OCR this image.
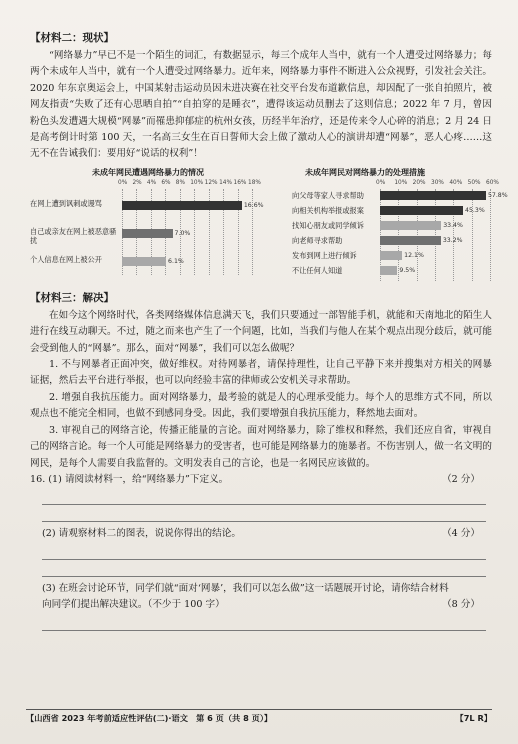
【材料二：现状】

“网络暴力”早已不是一个陌生的词汇，有数据显示，每三个成年人当中，就有一个人遭受过网络暴力；每两个未成年人当中，就有一个人遭受过网络暴力。近年来，网络暴力事件不断进入公众视野，引发社会关注。2020 年东京奥运会上，中国某射击运动员因未进决赛在社交平台发布道歉信息，却因配了一张自拍照片，被网友指责“失败了还有心思晒自拍”“自拍穿的是睡衣”，遭得该运动员删去了这则信息；2022 年 7 月，曾因粉色头发遭遇大规模“网暴”而罹患抑郁症的杭州女孩，历经半年治疗，还是传来令人心碎的消息；2 月 24 日是高考倒计时第 100 天，一名高三女生在百日誓师大会上做了激动人心的演讲却遭“网暴”，恶人心疼……这无不在告诫我们：要用好“说话的权利”！

未成年网民遭遇网络暴力的情况
0% 2% 4% 6% 8% 10% 12% 14% 16% 18%
16.6%
7.0%
6.1%
在网上遭到讽刺或谩骂
自己或亲友在网上被恶意骚扰
个人信息在网上被公开
未成年网民对网络暴力的处理措施
0% 10% 20% 30% 40% 50% 60%
57.8%
45.3%
33.4%
33.2%
12.1%
9.5%
向父母等家人寻求帮助
向相关机构举报或报案
找知心朋友或同学倾诉
向老师寻求帮助
发布到网上进行倾诉
不让任何人知道
【材料三：解决】

在如今这个网络时代，各类网络媒体信息满天飞，我们只要通过一部智能手机，就能和天南地北的陌生人进行在线互动聊天。不过，随之而来也产生了一个问题，比如，当我们与他人在某个观点出现分歧后，就可能会受到他人的“网暴”。那么，面对“网暴”，我们可以怎么做呢？

1. 不与网暴者正面冲突，做好维权。对待网暴者，请保持理性，让自己平静下来并搜集对方相关的网暴证据，然后去平台进行举报，也可以向经验丰富的律师或公安机关寻求帮助。

2. 增强自我抗压能力。面对网络暴力，最考验的就是人的心理承受能力。每个人的思维方式不同，所以观点也不能完全相同，也做不到感同身受。因此，我们要增强自我抗压能力，释然地去面对。

3. 审视自己的网络言论，传播正能量的言论。面对网络暴力，除了维权和释然，我们还应自省，审视自己的网络言论。每一个人可能是网络暴力的受害者，也可能是网络暴力的施暴者。不伤害别人，做一名文明的网民，是每个人需要自我监督的。文明发表自己的言论，也是一名网民应该做的。

16. (1) 请阅读材料一，给“网络暴力”下定义。	（2 分）
(2) 请观察材料二的图表，说说你得出的结论。	（4 分）
(3) 在班会讨论环节，同学们就“面对‘网暴’，我们可以怎么做”这一话题展开讨论，请你结合材料向同学们提出解决建议。（不少于 100 字）	（8 分）
【山西省 2023 年考前适应性评估(二)·语文　第 6 页（共 8 页）】	【7L R】
